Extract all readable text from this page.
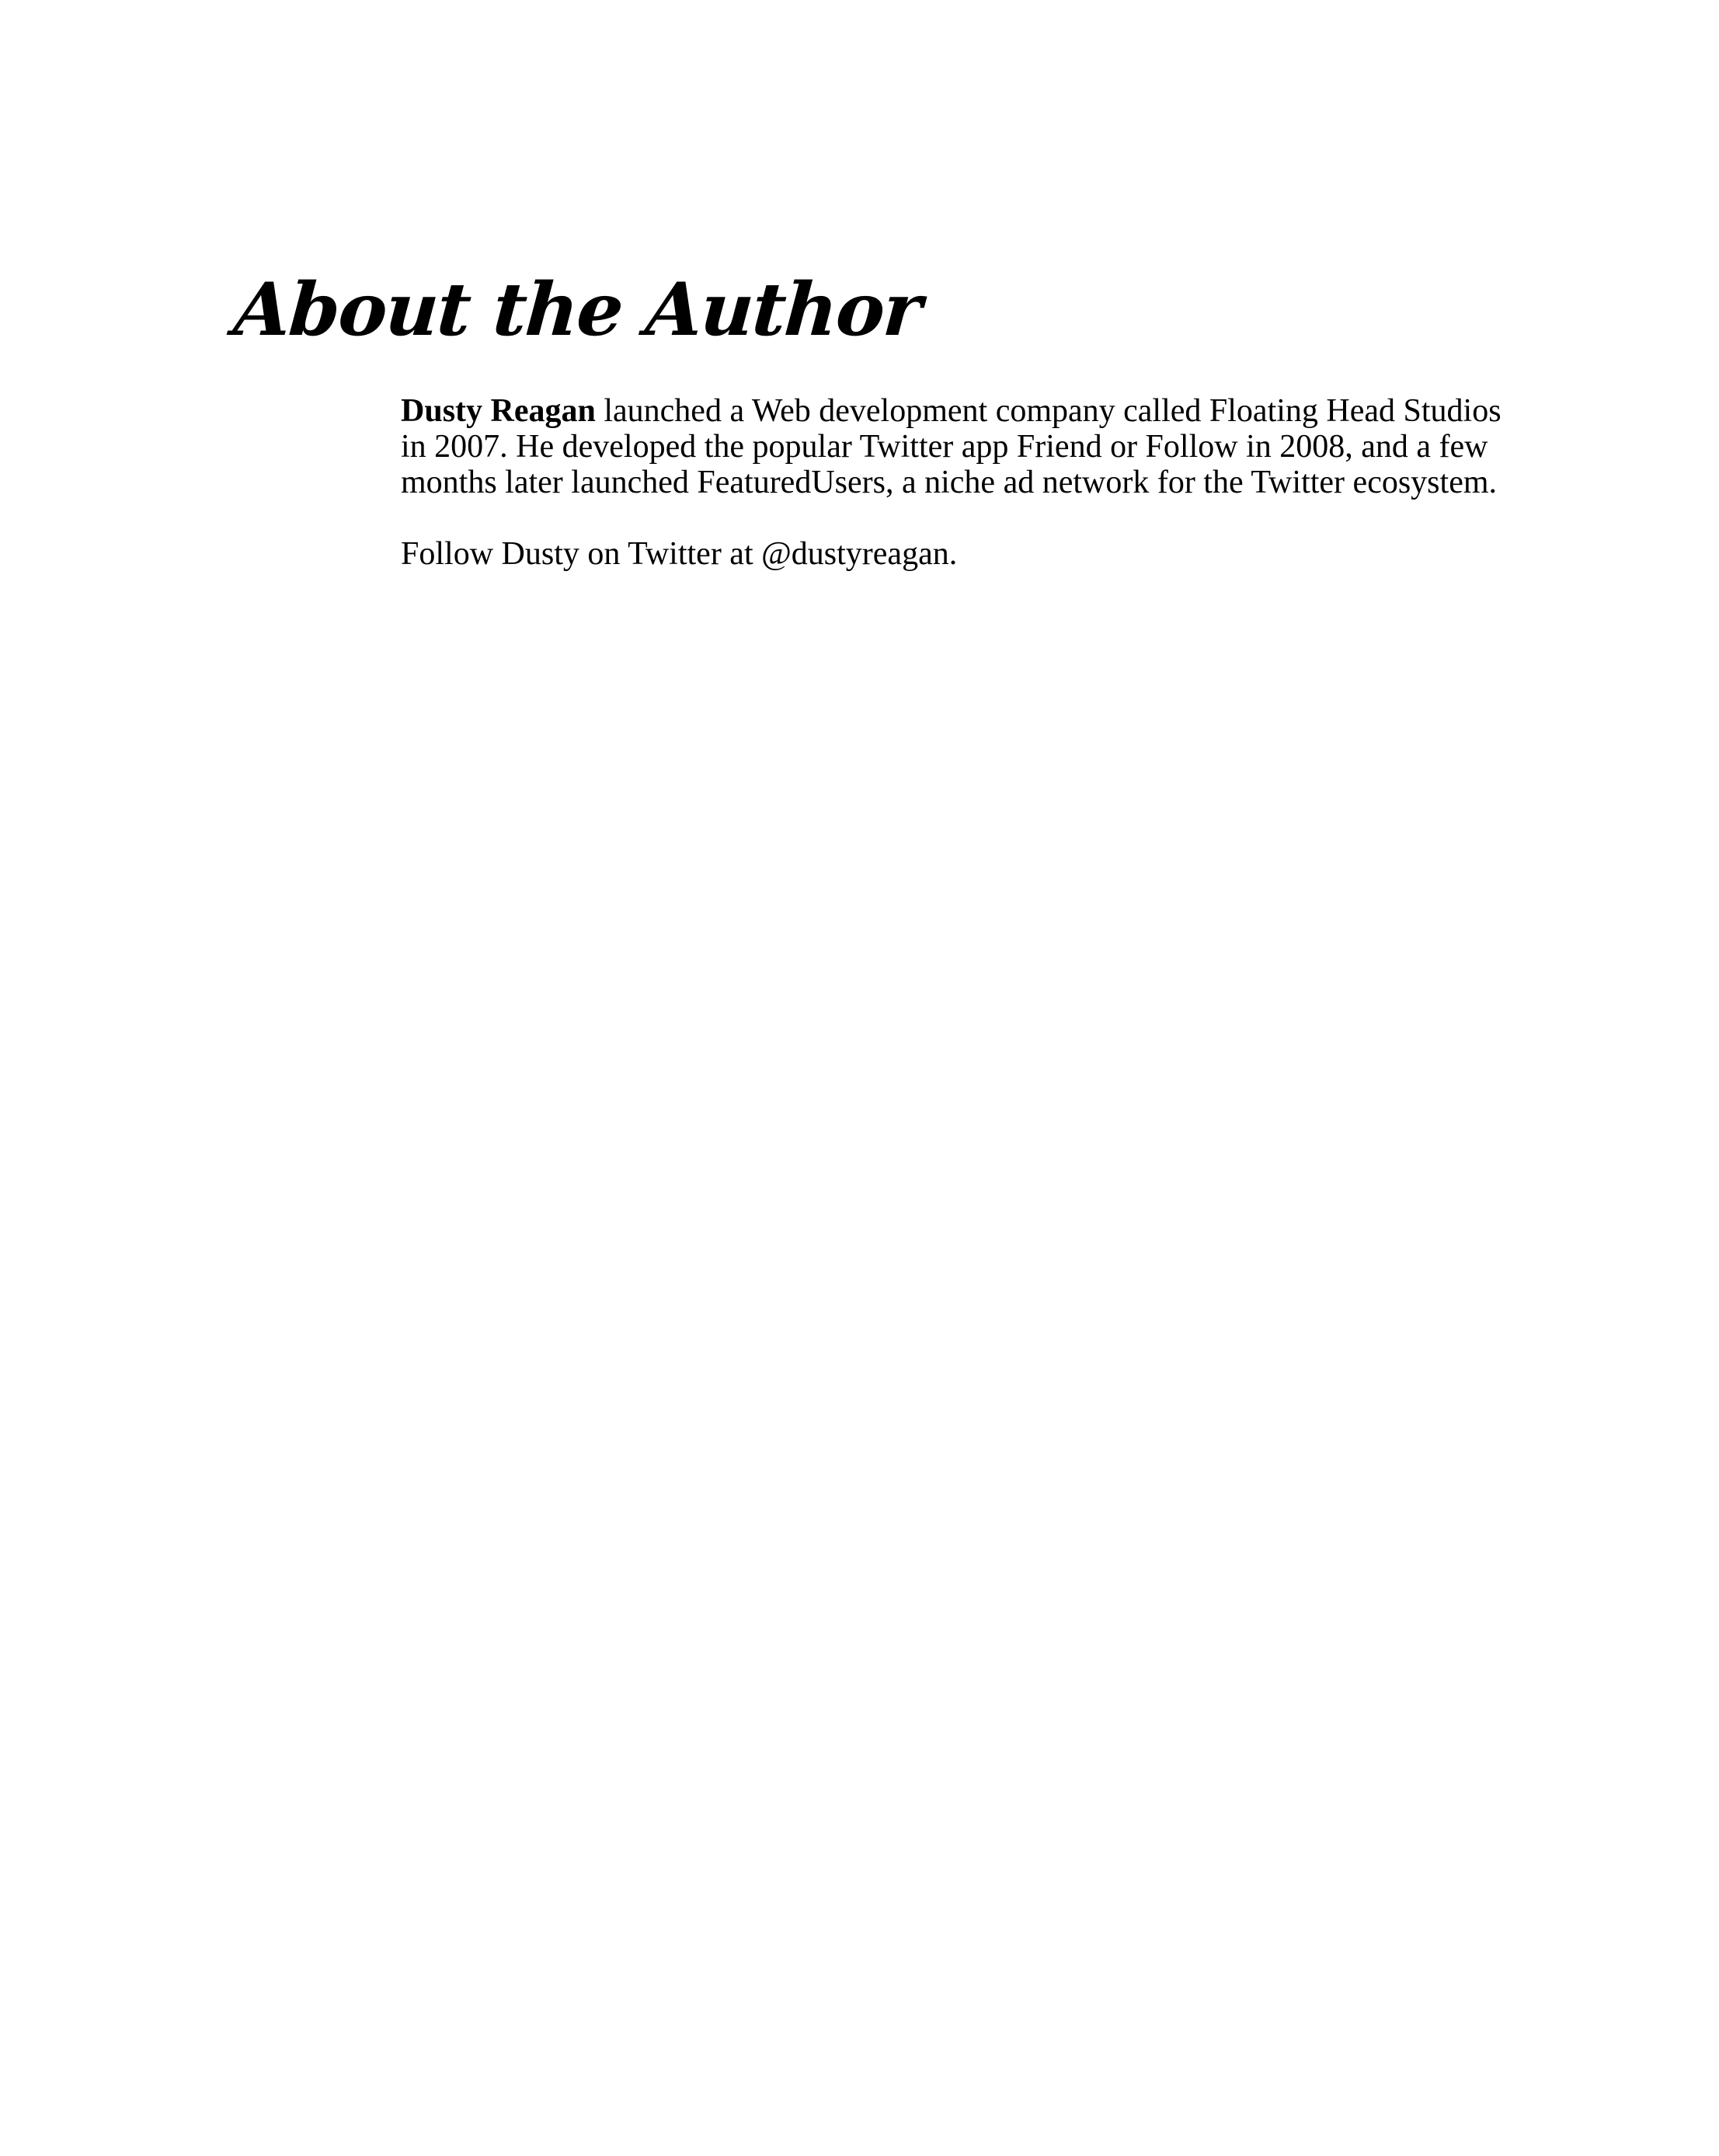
About the Author

Dusty Reagan launched a Web development company called Floating Head Studios in 2007. He developed the popular Twitter app Friend or Follow in 2008, and a few months later launched FeaturedUsers, a niche ad network for the Twitter ecosystem.

Follow Dusty on Twitter at @dustyreagan.
